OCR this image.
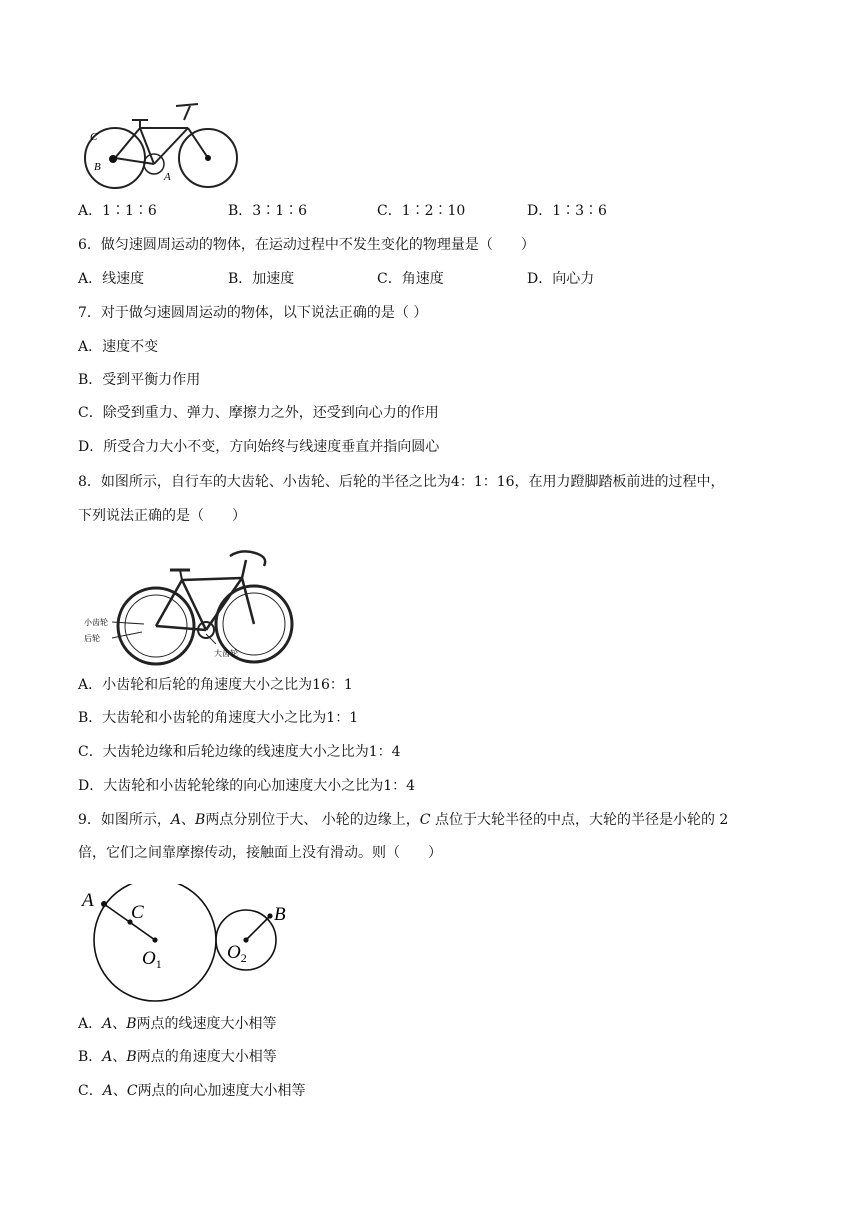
C
B
A
A．1∶1∶6	B．3∶1∶6	C．1∶2∶10	D．1∶3∶6
6．做匀速圆周运动的物体，在运动过程中不发生变化的物理量是（　　）
A．线速度	B．加速度	C．角速度	D．向心力
7．对于做匀速圆周运动的物体，以下说法正确的是（ ）
A．速度不变
B．受到平衡力作用
C．除受到重力、弹力、摩擦力之外，还受到向心力的作用
D．所受合力大小不变，方向始终与线速度垂直并指向圆心
8．如图所示，自行车的大齿轮、小齿轮、后轮的半径之比为4：1：16，在用力蹬脚踏板前进的过程中，
下列说法正确的是（　　）
小齿轮
后轮
大齿轮
A．小齿轮和后轮的角速度大小之比为16：1
B．大齿轮和小齿轮的角速度大小之比为1：1
C．大齿轮边缘和后轮边缘的线速度大小之比为1：4
D．大齿轮和小齿轮轮缘的向心加速度大小之比为1：4
9．如图所示，A、B两点分别位于大、 小轮的边缘上，C 点位于大轮半径的中点，大轮的半径是小轮的 2
倍，它们之间靠摩擦传动，接触面上没有滑动。则（　　）
A
C
$O_1$
$O_2$
B
A．A、B两点的线速度大小相等
B．A、B两点的角速度大小相等
C．A、C两点的向心加速度大小相等
